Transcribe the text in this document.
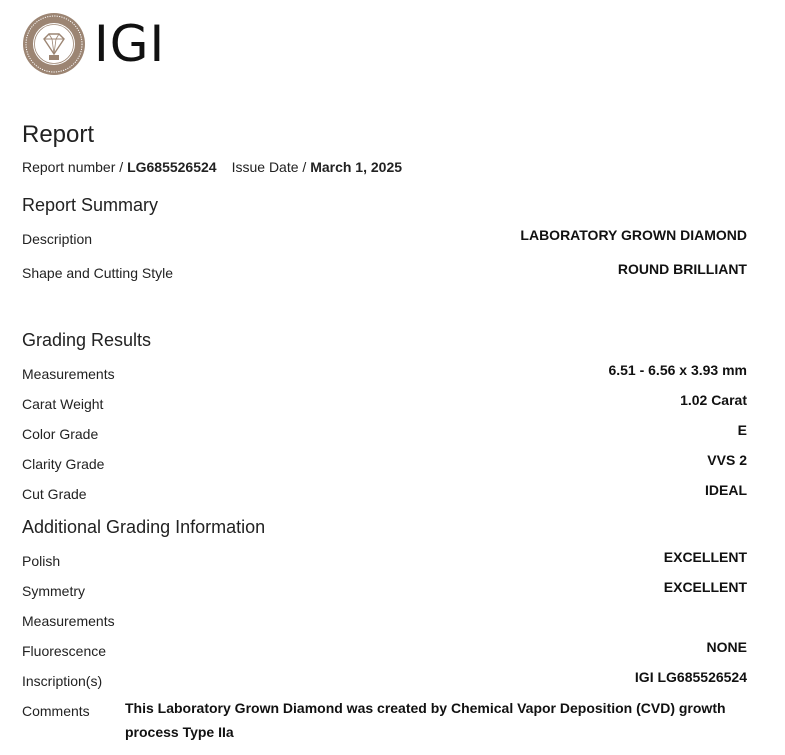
IGI
Report
Report number / LG685526524 Issue Date / March 1, 2025
Report Summary
Description	LABORATORY GROWN DIAMOND
Shape and Cutting Style	ROUND BRILLIANT
Grading Results
Measurements	6.51 - 6.56 x 3.93 mm
Carat Weight	1.02 Carat
Color Grade	E
Clarity Grade	VVS 2
Cut Grade	IDEAL
Additional Grading Information
Polish	EXCELLENT
Symmetry	EXCELLENT
Measurements
Fluorescence	NONE
Inscription(s)	IGI LG685526524
Comments	This Laboratory Grown Diamond was created by Chemical Vapor Deposition (CVD) growth process Type IIa
